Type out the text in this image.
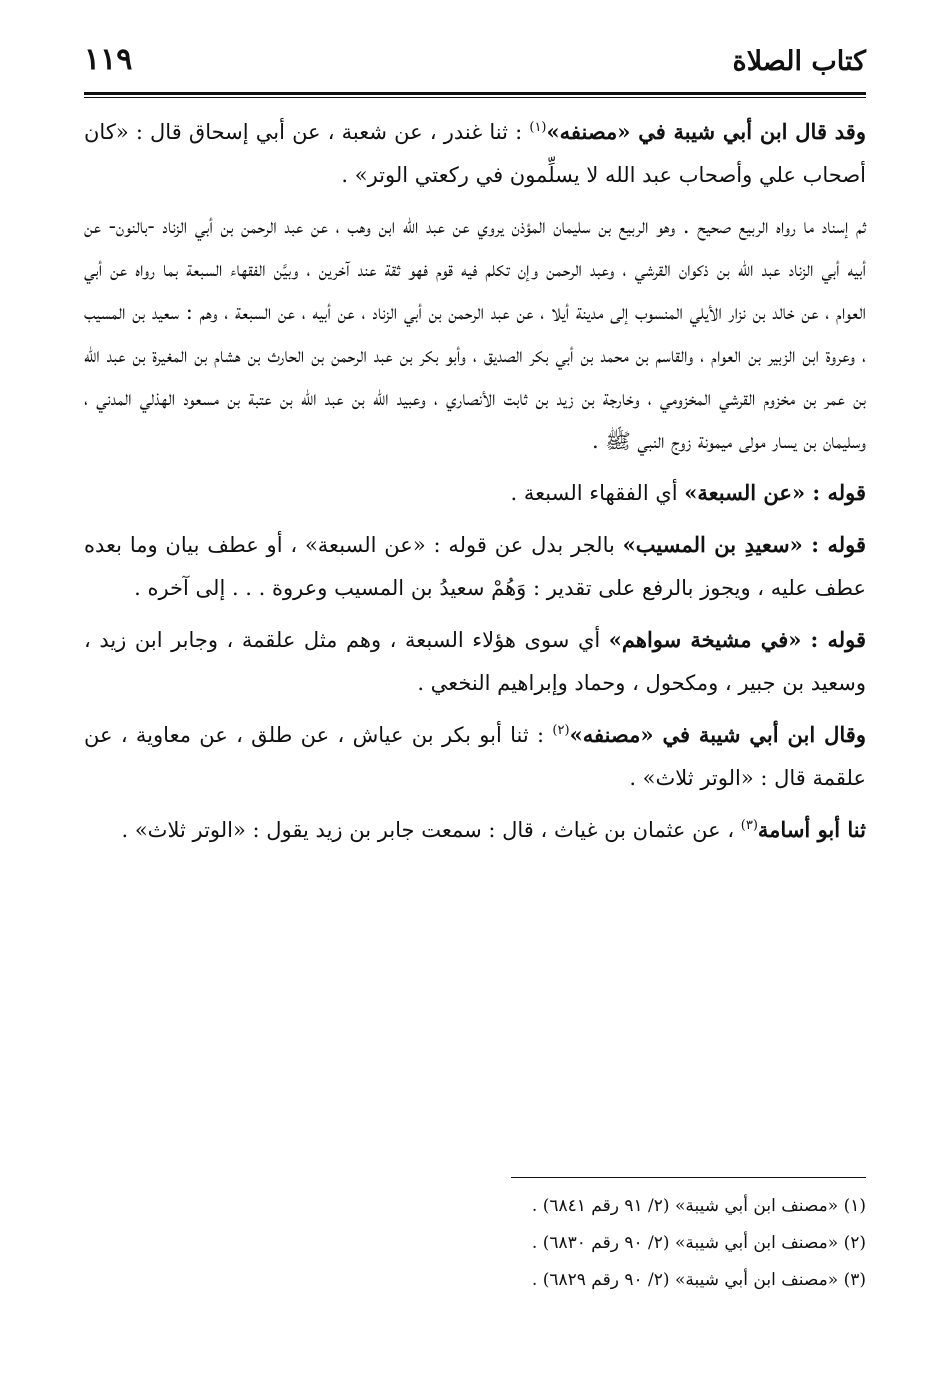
كتاب الصلاة
١١٩

وقد قال ابن أبي شيبة في «مصنفه»$^{(١)}$ : ثنا غندر ، عن شعبة ، عن أبي إسحاق قال : «كان أصحاب علي وأصحاب عبد الله لا يسلِّمون في ركعتي الوتر» .

ثم إسناد ما رواه الربيع صحيح . وهو الربيع بن سليمان المؤذن يروي عن عبد الله ابن وهب ، عن عبد الرحمن بن أبي الزناد -بالنون- عن أبيه أبي الزناد عبد الله بن ذكوان القرشي ، وعبد الرحمن وإن تكلم فيه قوم فهو ثقة عند آخرين ، وبيَّن الفقهاء السبعة بما رواه عن أبي العوام ، عن خالد بن نزار الأيلي المنسوب إلى مدينة أيلا ، عن عبد الرحمن بن أبي الزناد ، عن أبيه ، عن السبعة ، وهم : سعيد بن المسيب ، وعروة ابن الزبير بن العوام ، والقاسم بن محمد بن أبي بكر الصديق ، وأبو بكر بن عبد الرحمن بن الحارث بن هشام بن المغيرة بن عبد الله بن عمر بن مخزوم القرشي المخزومي ، وخارجة بن زيد بن ثابت الأنصاري ، وعبيد الله بن عبد الله بن عتبة بن مسعود الهذلي المدني ، وسليمان بن يسار مولى ميمونة زوج النبي ﷺ .

قوله : «عن السبعة» أي الفقهاء السبعة .

قوله : «سعيدِ بن المسيب» بالجر بدل عن قوله : «عن السبعة» ، أو عطف بيان وما بعده عطف عليه ، ويجوز بالرفع على تقدير : وَهُمْ سعيدُ بن المسيب وعروة . . . إلى آخره .

قوله : «في مشيخة سواهم» أي سوى هؤلاء السبعة ، وهم مثل علقمة ، وجابر ابن زيد ، وسعيد بن جبير ، ومكحول ، وحماد وإبراهيم النخعي .

وقال ابن أبي شيبة في «مصنفه»$^{(٢)}$ : ثنا أبو بكر بن عياش ، عن طلق ، عن معاوية ، عن علقمة قال : «الوتر ثلاث» .

ثنا أبو أسامة$^{(٣)}$ ، عن عثمان بن غياث ، قال : سمعت جابر بن زيد يقول : «الوتر ثلاث» .

(١) «مصنف ابن أبي شيبة» (٢/ ٩١ رقم ٦٨٤١) .

(٢) «مصنف ابن أبي شيبة» (٢/ ٩٠ رقم ٦٨٣٠) .

(٣) «مصنف ابن أبي شيبة» (٢/ ٩٠ رقم ٦٨٢٩) .
